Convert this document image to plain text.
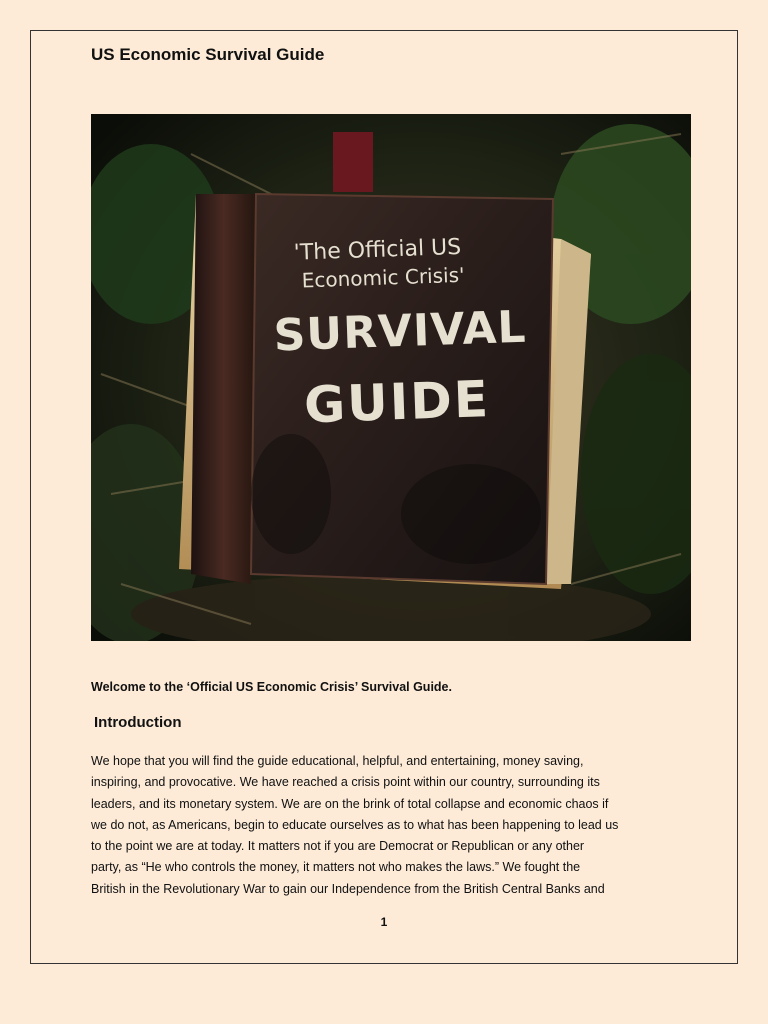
US Economic Survival Guide
'The Official US
Economic Crisis'
SURVIVAL
GUIDE

Welcome to the ‘Official US Economic Crisis’ Survival Guide.

Introduction
We hope that you will find the guide educational, helpful, and entertaining, money saving,
inspiring, and provocative. We have reached a crisis point within our country, surrounding its
leaders, and its monetary system. We are on the brink of total collapse and economic chaos if
we do not, as Americans, begin to educate ourselves as to what has been happening to lead us
to the point we are at today. It matters not if you are Democrat or Republican or any other
party, as “He who controls the money, it matters not who makes the laws.” We fought the
British in the Revolutionary War to gain our Independence from the British Central Banks and
1
